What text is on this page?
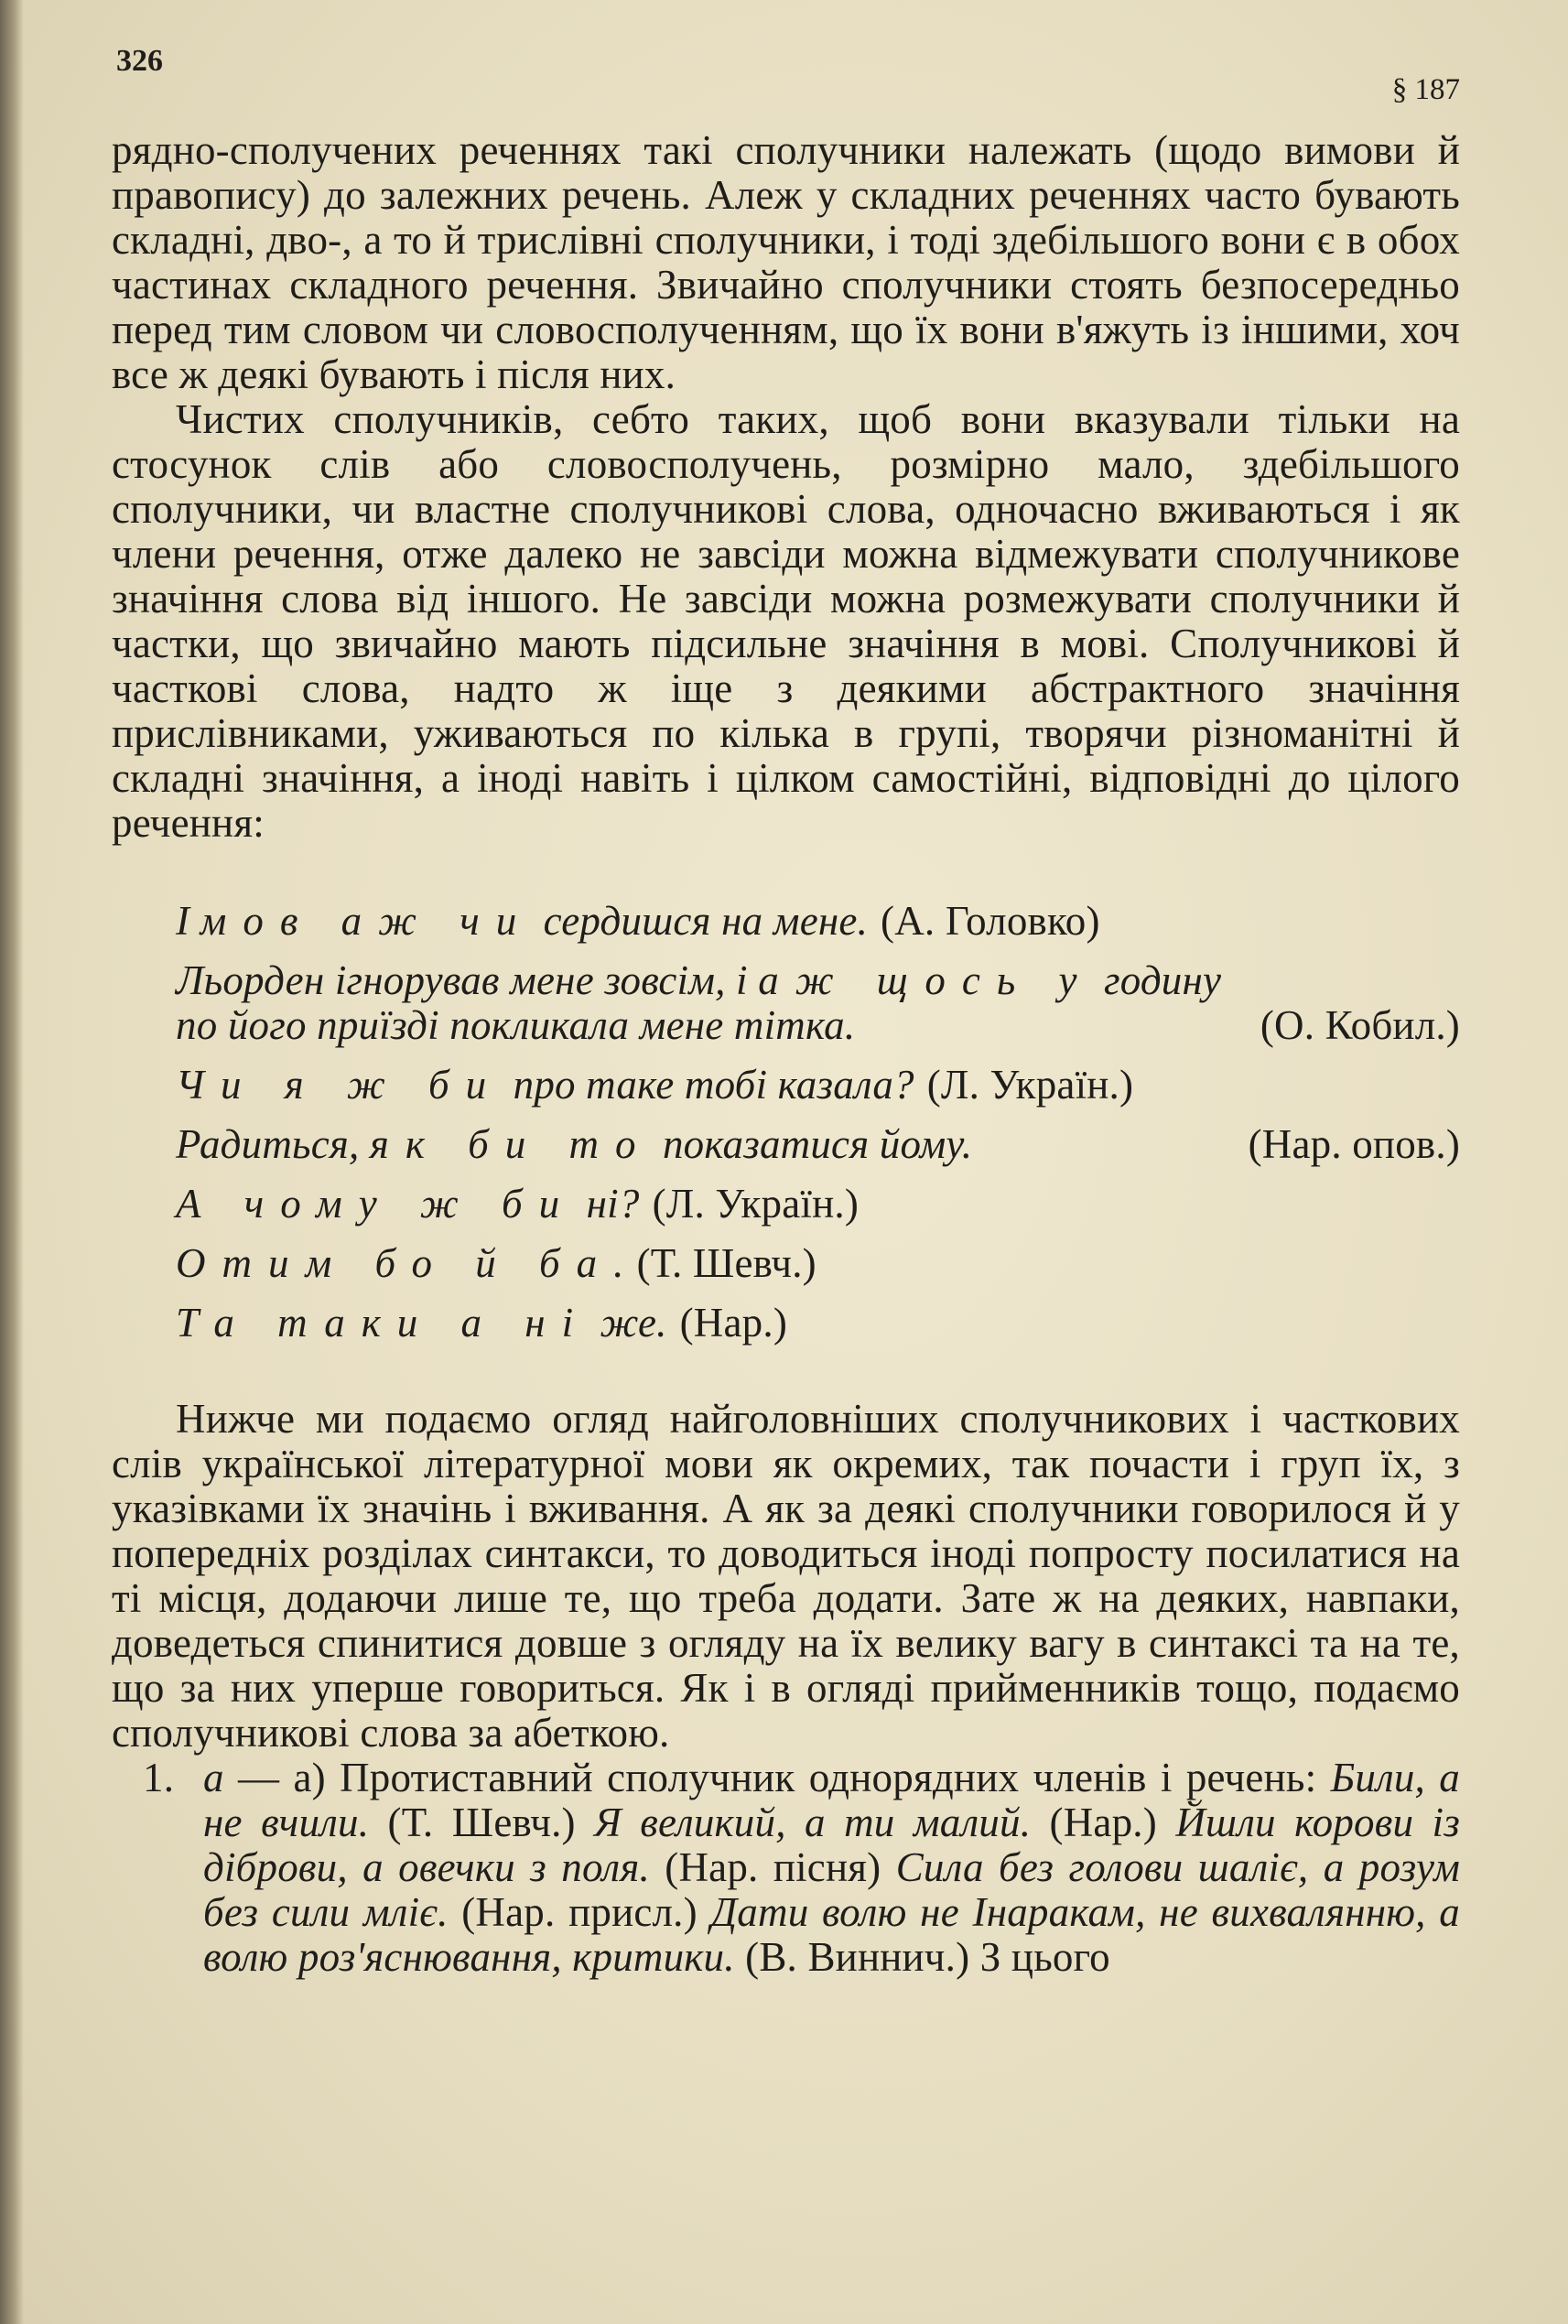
326
§ 187

рядно-сполучених реченнях такі сполучники належать (щодо вимови й правопису) до залежних речень. Алеж у складних реченнях часто бувають складні, дво-, а то й трислівні сполучники, і тоді здебільшого вони є в обох частинах складного речення. Звичайно сполучники стоять безпосередньо перед тим словом чи словосполученням, що їх вони в'яжуть із іншими, хоч все ж деякі бувають і після них.

Чистих сполучників, себто таких, щоб вони вказували тільки на стосунок слів або словосполучень, розмірно мало, здебільшого сполучники, чи властне сполучникові слова, одночасно вживаються і як члени речення, отже далеко не завсіди можна відмежувати сполучникове значіння слова від іншого. Не завсіди можна розмежувати сполучники й частки, що звичайно мають підсильне значіння в мові. Сполучникові й часткові слова, надто ж іще з деякими абстрактного значіння прислівниками, уживаються по кілька в групі, творячи різноманітні й складні значіння, а іноді навіть і цілком самостійні, відповідні до цілого речення:

І мов аж чи сердишся на мене. (А. Головко)
Льорден ігнорував мене зовсім, і аж щось у годину
по його приїзді покликала мене тітка.	(О. Кобил.)
Чи я ж би про таке тобі казала? (Л. Україн.)
Радиться, як би то показатися йому.	(Нар. опов.)
А чому ж би ні? (Л. Україн.)
Отим бо й ба. (Т. Шевч.)
Та таки а ні же. (Нар.)

Нижче ми подаємо огляд найголовніших сполучникових і часткових слів української літературної мови як окремих, так почасти і груп їх, з указівками їх значінь і вживання. А як за деякі сполучники говорилося й у попередніх розділах синтакси, то доводиться іноді попросту посилатися на ті місця, додаючи лише те, що треба додати. Зате ж на деяких, навпаки, доведеться спинитися довше з огляду на їх велику вагу в синтаксі та на те, що за них уперше говориться. Як і в огляді прийменників тощо, подаємо сполучникові слова за абеткою.

1. а — а) Протиставний сполучник однорядних членів і речень: Били, а не вчили. (Т. Шевч.) Я великий, а ти малий. (Нар.) Йшли корови із діброви, а овечки з поля. (Нар. пісня) Сила без голови шаліє, а розум без сили мліє. (Нар. присл.) Дати волю не Інаракам, не вихвалянню, а волю роз'яснювання, критики. (В. Виннич.) З цього
